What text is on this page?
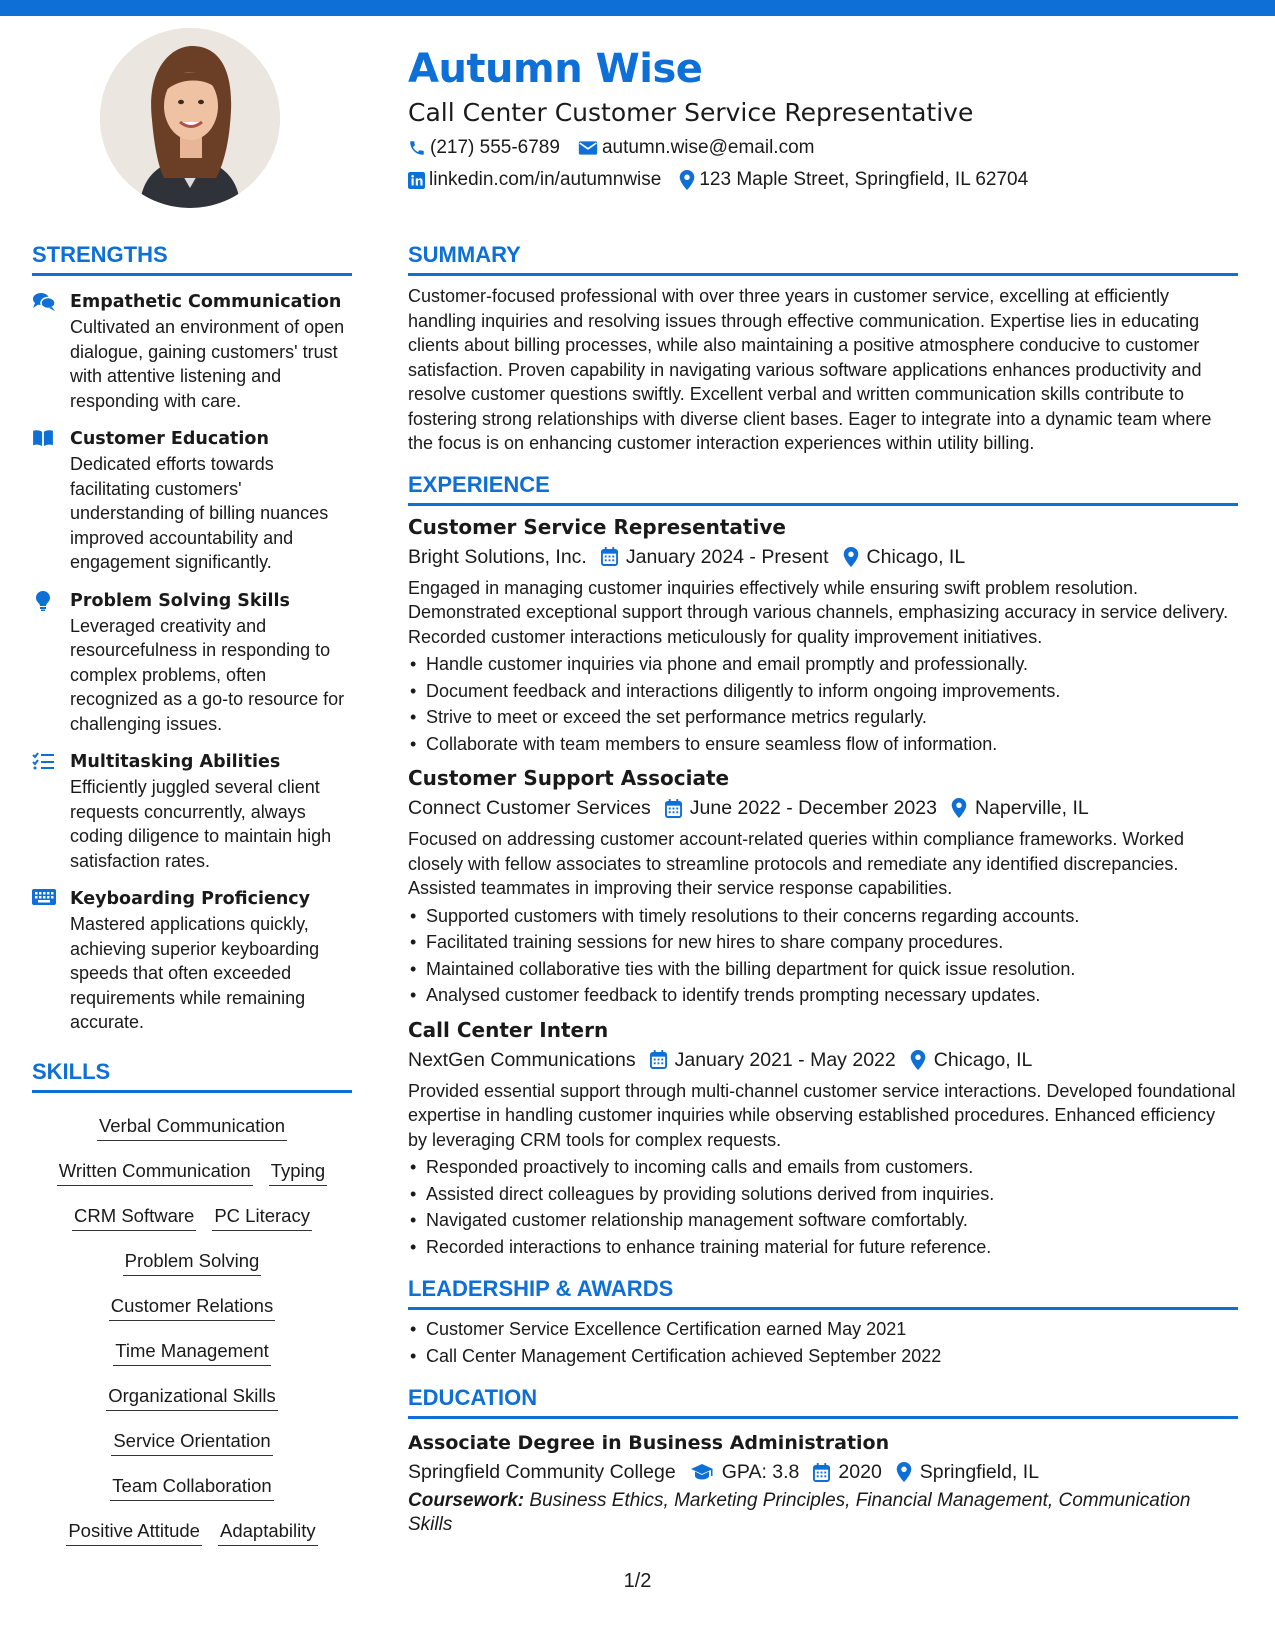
Autumn Wise
Call Center Customer Service Representative
(217) 555-6789 autumn.wise@email.com
linkedin.com/in/autumnwise 123 Maple Street, Springfield, IL 62704
STRENGTHS
Empathetic Communication
Cultivated an environment of open dialogue, gaining customers' trust with attentive listening and responding with care.
Customer Education
Dedicated efforts towards facilitating customers' understanding of billing nuances improved accountability and engagement significantly.
Problem Solving Skills
Leveraged creativity and resourcefulness in responding to complex problems, often recognized as a go-to resource for challenging issues.
Multitasking Abilities
Efficiently juggled several client requests concurrently, always coding diligence to maintain high satisfaction rates.
Keyboarding Proficiency
Mastered applications quickly, achieving superior keyboarding speeds that often exceeded requirements while remaining accurate.
SKILLS
Verbal Communication
Written Communication Typing
CRM Software PC Literacy
Problem Solving
Customer Relations
Time Management
Organizational Skills
Service Orientation
Team Collaboration
Positive Attitude Adaptability
SUMMARY
Customer-focused professional with over three years in customer service, excelling at efficiently handling inquiries and resolving issues through effective communication. Expertise lies in educating clients about billing processes, while also maintaining a positive atmosphere conducive to customer satisfaction. Proven capability in navigating various software applications enhances productivity and resolve customer questions swiftly. Excellent verbal and written communication skills contribute to fostering strong relationships with diverse client bases. Eager to integrate into a dynamic team where the focus is on enhancing customer interaction experiences within utility billing.
EXPERIENCE
Customer Service Representative
Bright Solutions, Inc. January 2024 - Present Chicago, IL
Engaged in managing customer inquiries effectively while ensuring swift problem resolution. Demonstrated exceptional support through various channels, emphasizing accuracy in service delivery. Recorded customer interactions meticulously for quality improvement initiatives.
• Handle customer inquiries via phone and email promptly and professionally.
• Document feedback and interactions diligently to inform ongoing improvements.
• Strive to meet or exceed the set performance metrics regularly.
• Collaborate with team members to ensure seamless flow of information.
Customer Support Associate
Connect Customer Services June 2022 - December 2023 Naperville, IL
Focused on addressing customer account-related queries within compliance frameworks. Worked closely with fellow associates to streamline protocols and remediate any identified discrepancies. Assisted teammates in improving their service response capabilities.
• Supported customers with timely resolutions to their concerns regarding accounts.
• Facilitated training sessions for new hires to share company procedures.
• Maintained collaborative ties with the billing department for quick issue resolution.
• Analysed customer feedback to identify trends prompting necessary updates.
Call Center Intern
NextGen Communications January 2021 - May 2022 Chicago, IL
Provided essential support through multi-channel customer service interactions. Developed foundational expertise in handling customer inquiries while observing established procedures. Enhanced efficiency by leveraging CRM tools for complex requests.
• Responded proactively to incoming calls and emails from customers.
• Assisted direct colleagues by providing solutions derived from inquiries.
• Navigated customer relationship management software comfortably.
• Recorded interactions to enhance training material for future reference.
LEADERSHIP & AWARDS
• Customer Service Excellence Certification earned May 2021
• Call Center Management Certification achieved September 2022
EDUCATION
Associate Degree in Business Administration
Springfield Community College GPA: 3.8 2020 Springfield, IL
Coursework: Business Ethics, Marketing Principles, Financial Management, Communication Skills
1/2
